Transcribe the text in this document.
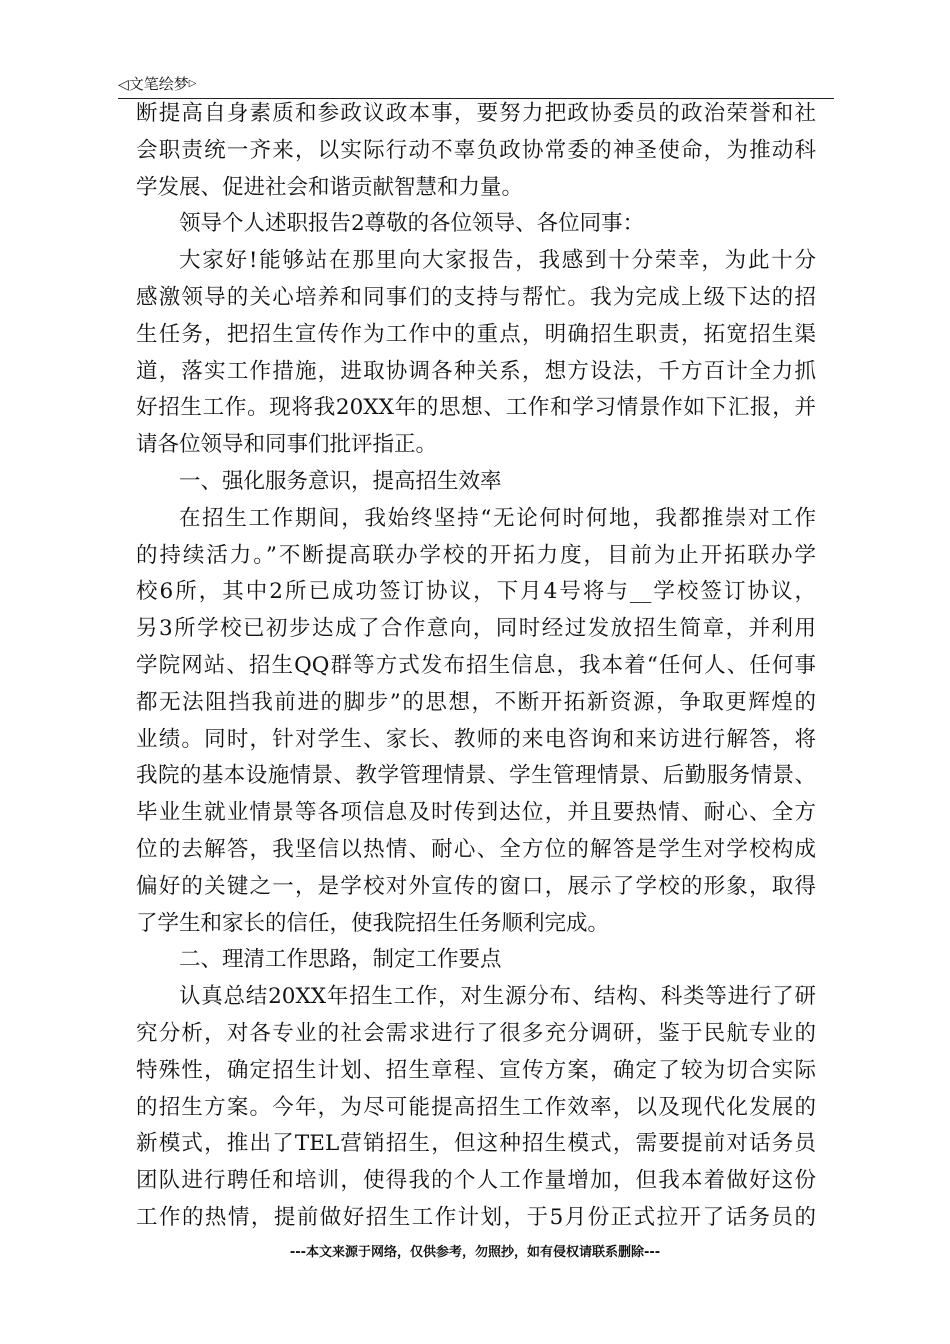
◁文笔绘梦▷
断提高自身素质和参政议政本事，要努力把政协委员的政治荣誉和社
会职责统一齐来，以实际行动不辜负政协常委的神圣使命，为推动科
学发展、促进社会和谐贡献智慧和力量。
领导个人述职报告2尊敬的各位领导、各位同事：
大家好!能够站在那里向大家报告，我感到十分荣幸，为此十分
感激领导的关心培养和同事们的支持与帮忙。我为完成上级下达的招
生任务，把招生宣传作为工作中的重点，明确招生职责，拓宽招生渠
道，落实工作措施，进取协调各种关系，想方设法，千方百计全力抓
好招生工作。现将我20XX年的思想、工作和学习情景作如下汇报，并
请各位领导和同事们批评指正。
一、强化服务意识，提高招生效率
在招生工作期间，我始终坚持“无论何时何地，我都推崇对工作
的持续活力。”不断提高联办学校的开拓力度，目前为止开拓联办学
校6所，其中2所已成功签订协议，下月4号将与__学校签订协议，
另3所学校已初步达成了合作意向，同时经过发放招生简章，并利用
学院网站、招生QQ群等方式发布招生信息，我本着“任何人、任何事
都无法阻挡我前进的脚步”的思想，不断开拓新资源，争取更辉煌的
业绩。同时，针对学生、家长、教师的来电咨询和来访进行解答，将
我院的基本设施情景、教学管理情景、学生管理情景、后勤服务情景、
毕业生就业情景等各项信息及时传到达位，并且要热情、耐心、全方
位的去解答，我坚信以热情、耐心、全方位的解答是学生对学校构成
偏好的关键之一，是学校对外宣传的窗口，展示了学校的形象，取得
了学生和家长的信任，使我院招生任务顺利完成。
二、理清工作思路，制定工作要点
认真总结20XX年招生工作，对生源分布、结构、科类等进行了研
究分析，对各专业的社会需求进行了很多充分调研，鉴于民航专业的
特殊性，确定招生计划、招生章程、宣传方案，确定了较为切合实际
的招生方案。今年，为尽可能提高招生工作效率，以及现代化发展的
新模式，推出了TEL营销招生，但这种招生模式，需要提前对话务员
团队进行聘任和培训，使得我的个人工作量增加，但我本着做好这份
工作的热情，提前做好招生工作计划，于5月份正式拉开了话务员的
---本文来源于网络，仅供参考，勿照抄，如有侵权请联系删除---
